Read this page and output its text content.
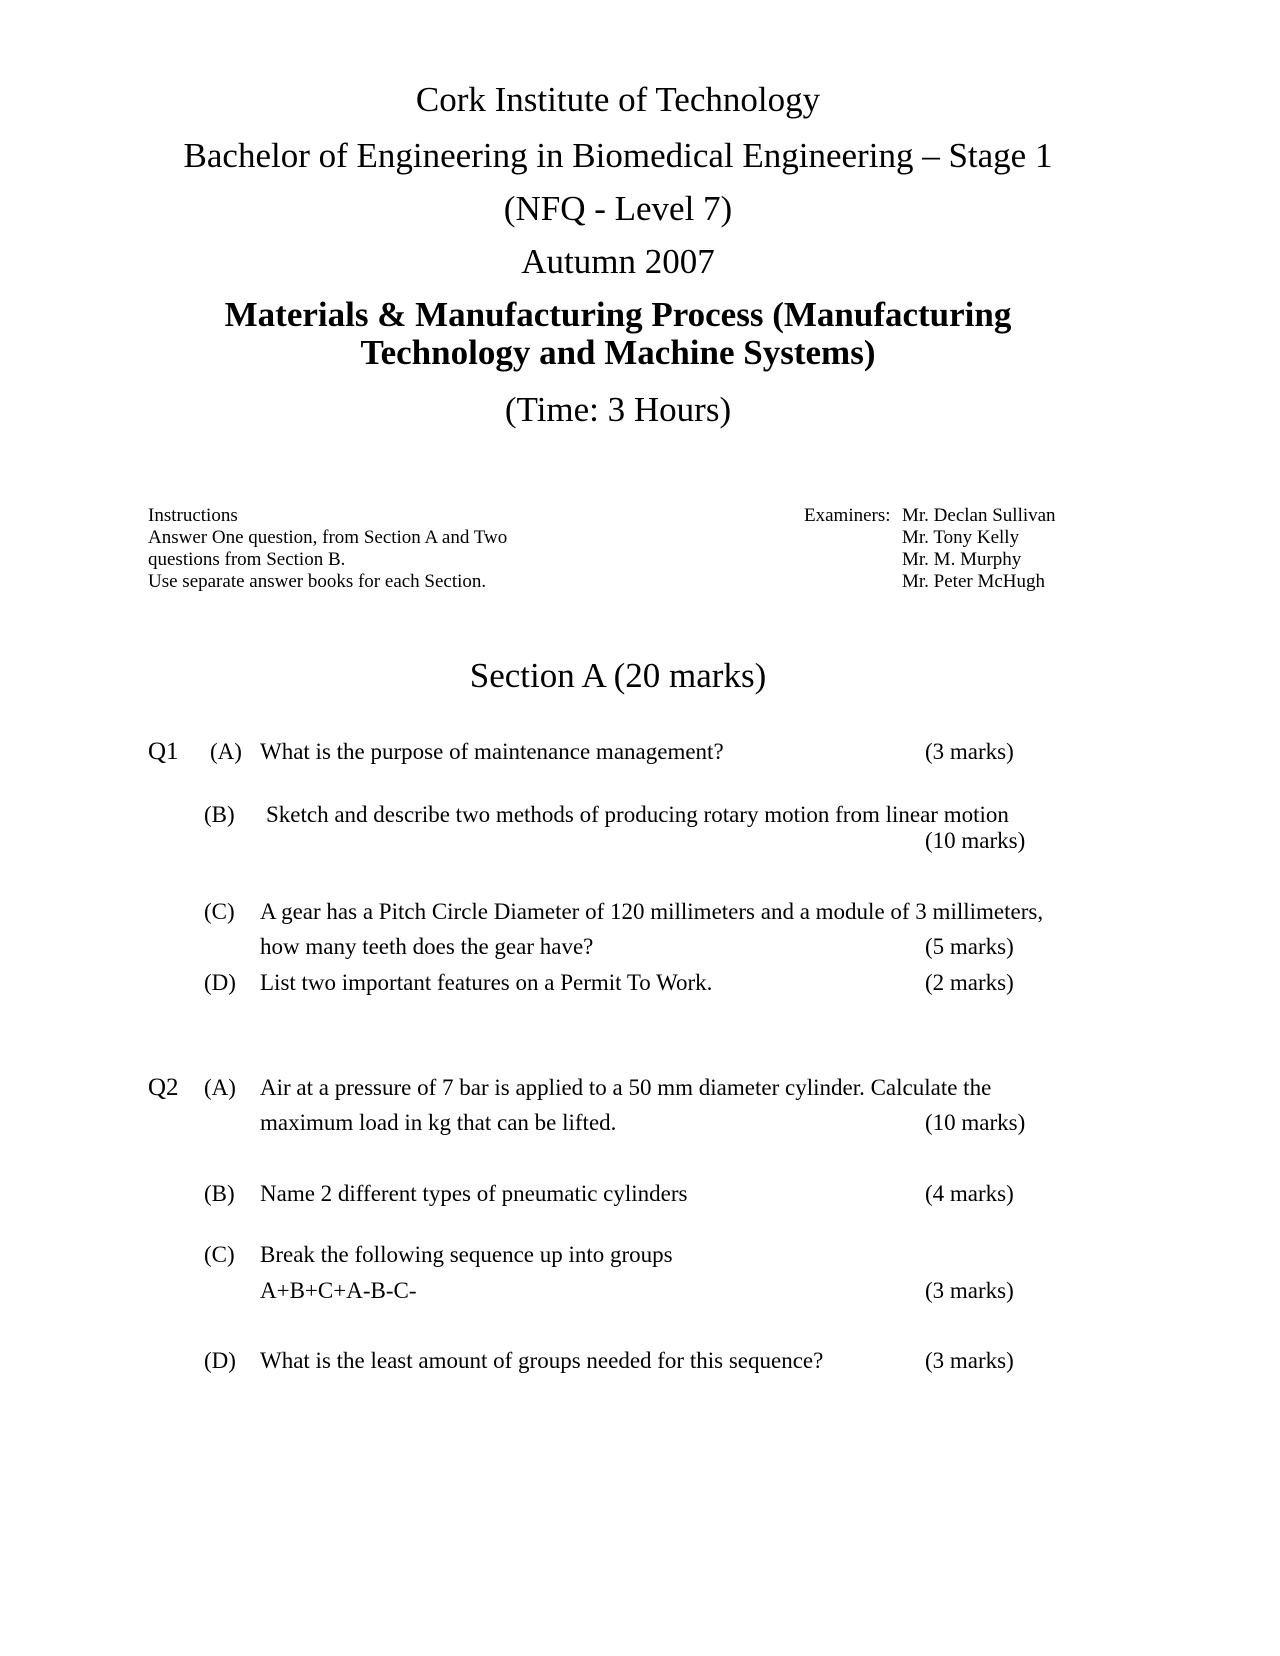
Cork Institute of Technology
Bachelor of Engineering in Biomedical Engineering – Stage 1
(NFQ - Level 7)
Autumn 2007
Materials & Manufacturing Process (Manufacturing
Technology and Machine Systems)
(Time: 3 Hours)
Instructions
Answer One question, from Section A and Two
questions from Section B.
Use separate answer books for each Section.
Examiners: Mr. Declan Sullivan
Mr. Tony Kelly
Mr. M. Murphy
Mr. Peter McHugh
Section A (20 marks)
Q1 (A) What is the purpose of maintenance management?	(3 marks)
(B) Sketch and describe two methods of producing rotary motion from linear motion
(10 marks)
(C) A gear has a Pitch Circle Diameter of 120 millimeters and a module of 3 millimeters,
how many teeth does the gear have?	(5 marks)
(D) List two important features on a Permit To Work.	(2 marks)
Q2 (A) Air at a pressure of 7 bar is applied to a 50 mm diameter cylinder. Calculate the
maximum load in kg that can be lifted.	(10 marks)
(B) Name 2 different types of pneumatic cylinders	(4 marks)
(C) Break the following sequence up into groups
A+B+C+A-B-C-	(3 marks)
(D) What is the least amount of groups needed for this sequence?	(3 marks)
